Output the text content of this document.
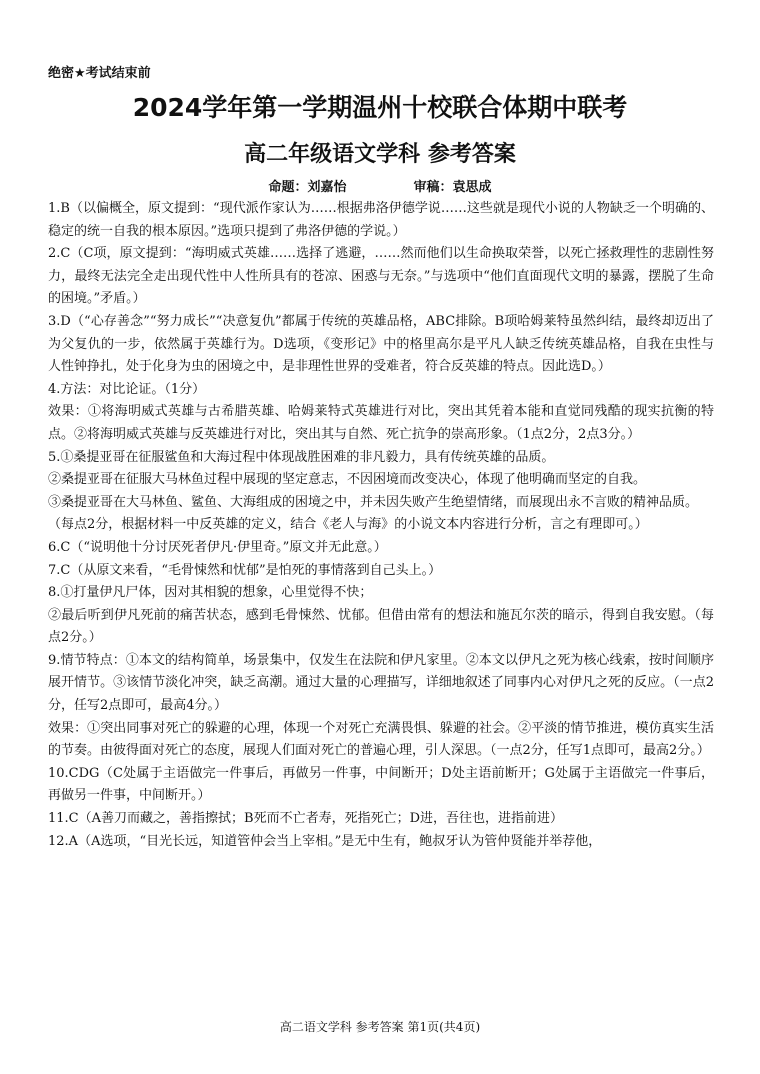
绝密★考试结束前
2024学年第一学期温州十校联合体期中联考
高二年级语文学科 参考答案
命题：刘嘉怡	审稿：袁思成

1.B（以偏概全，原文提到：“现代派作家认为……根据弗洛伊德学说……这些就是现代小说的人物缺乏一个明确的、稳定的统一自我的根本原因。”选项只提到了弗洛伊德的学说。）

2.C（C项，原文提到：“海明威式英雄……选择了逃避，……然而他们以生命换取荣誉，以死亡拯救理性的悲剧性努力，最终无法完全走出现代性中人性所具有的苍凉、困惑与无奈。”与选项中“他们直面现代文明的暴露，摆脱了生命的困境。”矛盾。）

3.D（“心存善念”“努力成长”“决意复仇”都属于传统的英雄品格，ABC排除。B项哈姆莱特虽然纠结，最终却迈出了为父复仇的一步，依然属于英雄行为。D选项，《变形记》中的格里高尔是平凡人缺乏传统英雄品格，自我在虫性与人性钟挣扎，处于化身为虫的困境之中，是非理性世界的受难者，符合反英雄的特点。因此选D。）

4.方法：对比论证。（1分）

效果：①将海明威式英雄与古希腊英雄、哈姆莱特式英雄进行对比，突出其凭着本能和直觉同残酷的现实抗衡的特点。②将海明威式英雄与反英雄进行对比，突出其与自然、死亡抗争的崇高形象。（1点2分，2点3分。）

5.①桑提亚哥在征服鲨鱼和大海过程中体现战胜困难的非凡毅力，具有传统英雄的品质。

②桑提亚哥在征服大马林鱼过程中展现的坚定意志，不因困境而改变决心，体现了他明确而坚定的自我。

③桑提亚哥在大马林鱼、鲨鱼、大海组成的困境之中，并未因失败产生绝望情绪，而展现出永不言败的精神品质。

（每点2分，根据材料一中反英雄的定义，结合《老人与海》的小说文本内容进行分析，言之有理即可。）

6.C（“说明他十分讨厌死者伊凡·伊里奇。”原文并无此意。）

7.C（从原文来看，“毛骨悚然和忧郁”是怕死的事情落到自己头上。）

8.①打量伊凡尸体，因对其相貌的想象，心里觉得不快；

②最后听到伊凡死前的痛苦状态，感到毛骨悚然、忧郁。但借由常有的想法和施瓦尔茨的暗示，得到自我安慰。（每点2分。）

9.情节特点：①本文的结构简单，场景集中，仅发生在法院和伊凡家里。②本文以伊凡之死为核心线索，按时间顺序展开情节。③该情节淡化冲突，缺乏高潮。通过大量的心理描写，详细地叙述了同事内心对伊凡之死的反应。（一点2分，任写2点即可，最高4分。）

效果：①突出同事对死亡的躲避的心理，体现一个对死亡充满畏惧、躲避的社会。②平淡的情节推进，模仿真实生活的节奏。由彼得面对死亡的态度，展现人们面对死亡的普遍心理，引人深思。（一点2分，任写1点即可，最高2分。）

10.CDG（C处属于主语做完一件事后，再做另一件事，中间断开；D处主语前断开；G处属于主语做完一件事后，再做另一件事，中间断开。）

11.C（A善刀而藏之，善指擦拭；B死而不亡者寿，死指死亡；D进，吾往也，进指前进）

12.A（A选项，“目光长远，知道管仲会当上宰相。”是无中生有，鲍叔牙认为管仲贤能并举荐他，

高二语文学科 参考答案 第1页(共4页)
